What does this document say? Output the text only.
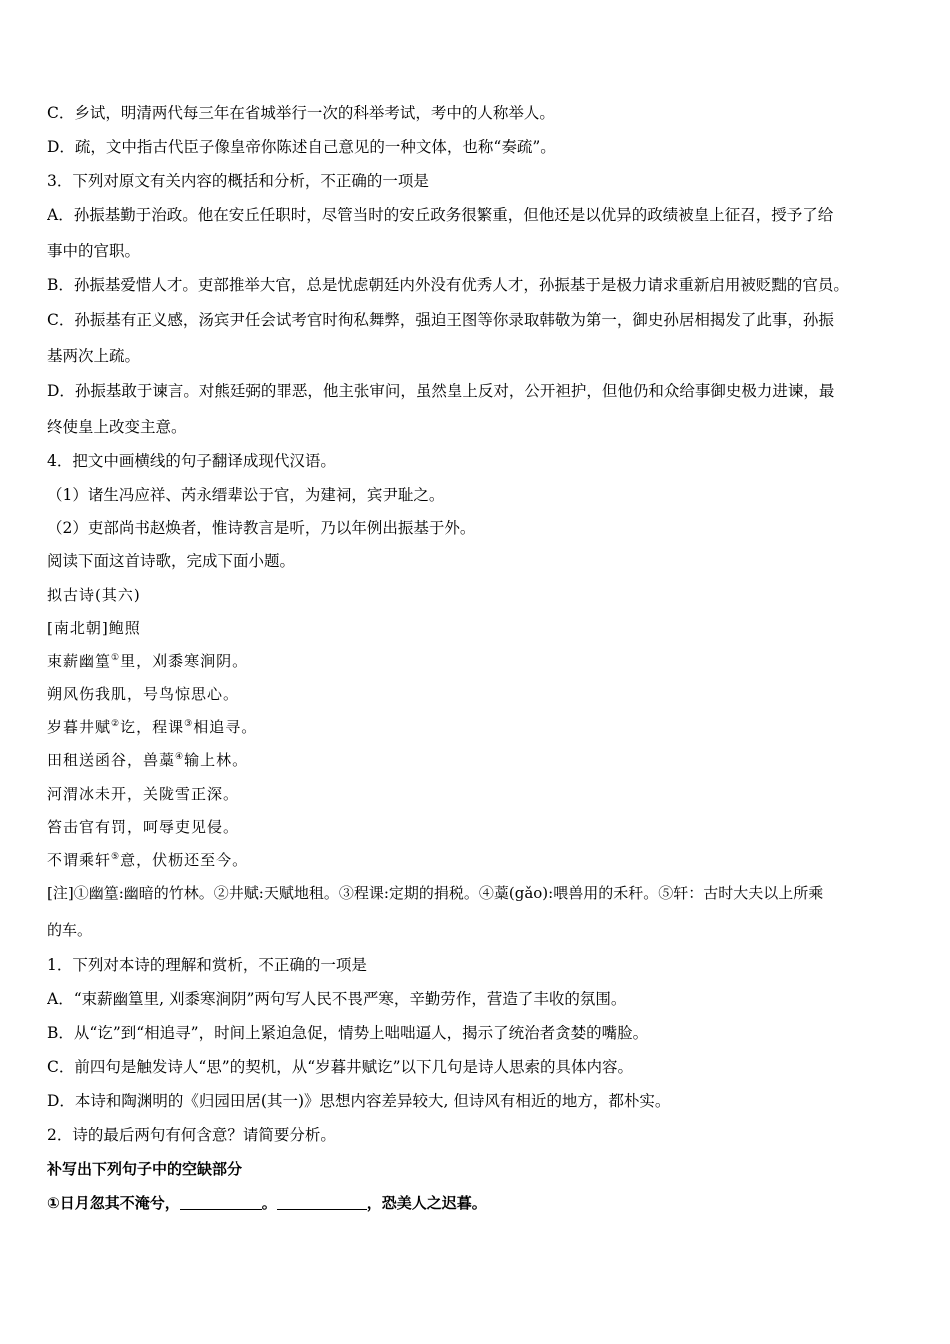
C．乡试，明清两代每三年在省城举行一次的科举考试，考中的人称举人。
D．疏，文中指古代臣子像皇帝你陈述自己意见的一种文体，也称“奏疏”。
3．下列对原文有关内容的概括和分析，不正确的一项是
A．孙振基勤于治政。他在安丘任职时，尽管当时的安丘政务很繁重，但他还是以优异的政绩被皇上征召，授予了给
事中的官职。
B．孙振基爱惜人才。吏部推举大官，总是忧虑朝廷内外没有优秀人才，孙振基于是极力请求重新启用被贬黜的官员。
C．孙振基有正义感，汤宾尹任会试考官时徇私舞弊，强迫王图等你录取韩敬为第一，御史孙居相揭发了此事，孙振
基两次上疏。
D．孙振基敢于谏言。对熊廷弼的罪恶，他主张审问，虽然皇上反对，公开袒护，但他仍和众给事御史极力进谏，最
终使皇上改变主意。
4．把文中画横线的句子翻译成现代汉语。
（1）诸生冯应祥、芮永缙辈讼于官，为建祠，宾尹耻之。
（2）吏部尚书赵焕者，惟诗教言是听，乃以年例出振基于外。
阅读下面这首诗歌，完成下面小题。
拟古诗(其六)
[南北朝]鲍照
束薪幽篁①里，刈黍寒涧阴。
朔风伤我肌，号鸟惊思心。
岁暮井赋②讫，程课③相追寻。
田租送函谷，兽藁④输上林。
河渭冰未开，关陇雪正深。
笞击官有罚，呵辱吏见侵。
不谓乘轩⑤意，伏枥还至今。
[注]①幽篁:幽暗的竹林。②井赋:天赋地租。③程课:定期的捐税。④藁(gǎo):喂兽用的禾秆。⑤轩：古时大夫以上所乘
的车。
1．下列对本诗的理解和赏析，不正确的一项是
A．“束薪幽篁里, 刈黍寒涧阴”两句写人民不畏严寒，辛勤劳作，营造了丰收的氛围。
B．从“讫”到“相追寻”，时间上紧迫急促，情势上咄咄逼人，揭示了统治者贪婪的嘴脸。
C．前四句是触发诗人“思”的契机，从“岁暮井赋讫”以下几句是诗人思索的具体内容。
D．本诗和陶渊明的《归园田居(其一)》思想内容差异较大, 但诗风有相近的地方，都朴实。
2．诗的最后两句有何含意？请简要分析。
补写出下列句子中的空缺部分
①日月忽其不淹兮，	。	，恐美人之迟暮。
